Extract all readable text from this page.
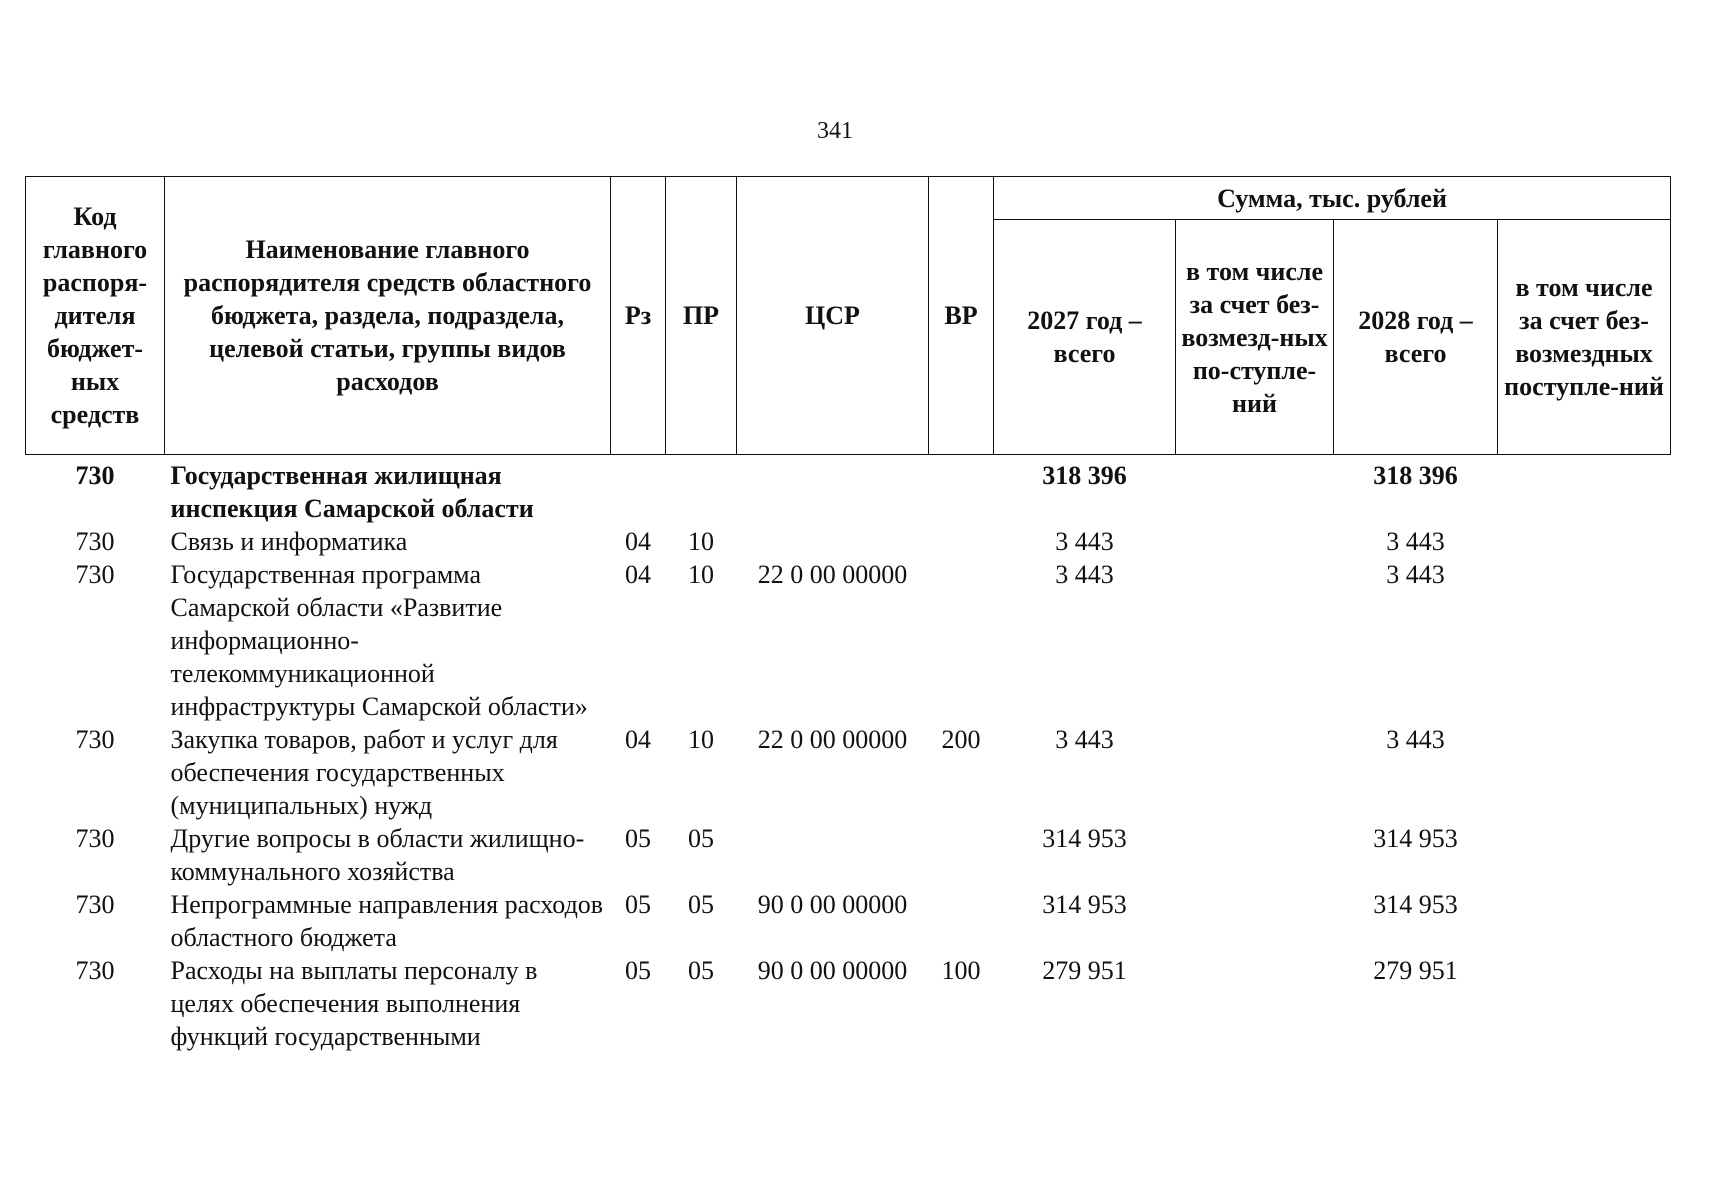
341
Код главного распоря-дителя бюджет-ных средств	Наименование главного распорядителя средств областного бюджета, раздела, подраздела, целевой статьи, группы видов расходов	Рз	ПР	ЦСР	ВР	Сумма, тыс. рублей			
						2027 год – всего	в том числе за счет без-возмезд-ных по-ступле-ний	2028 год – всего	в том числе за счет без-возмездных поступле-ний
730	Государственная жилищная инспекция Самарской области					318 396		318 396	
730	Связь и информатика	04	10			3 443		3 443	
730	Государственная программа Самарской области «Развитие информационно-телекоммуникационной инфраструктуры Самарской области»	04	10	22 0 00 00000		3 443		3 443	
730	Закупка товаров, работ и услуг для обеспечения государственных (муниципальных) нужд	04	10	22 0 00 00000	200	3 443		3 443	
730	Другие вопросы в области жилищно-коммунального хозяйства	05	05			314 953		314 953	
730	Непрограммные направления расходов областного бюджета	05	05	90 0 00 00000		314 953		314 953	
730	Расходы на выплаты персоналу в целях обеспечения выполнения функций государственными	05	05	90 0 00 00000	100	279 951		279 951	
